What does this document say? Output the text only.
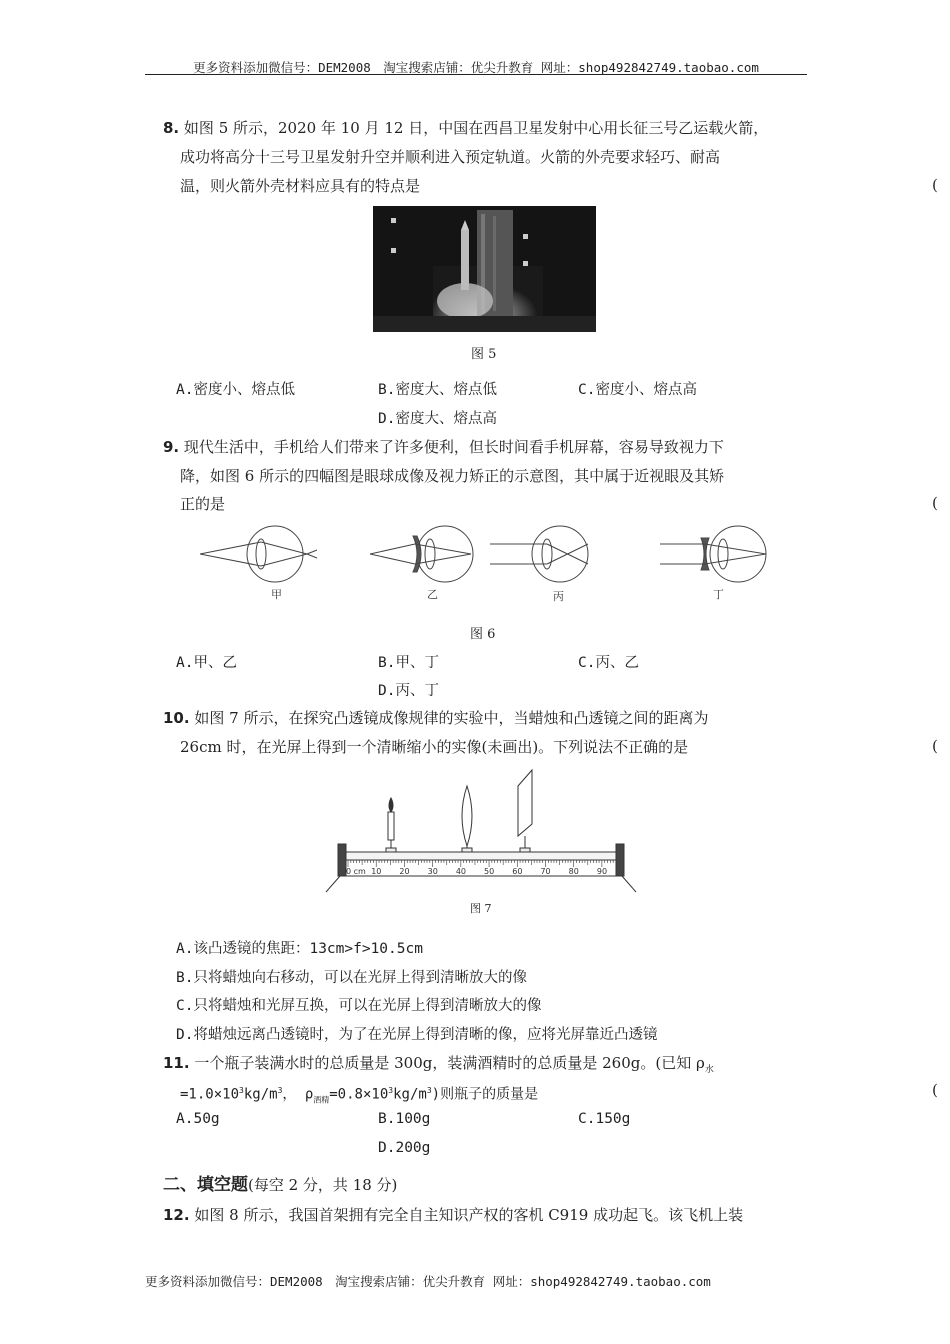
更多资料添加微信号：DEM2008　淘宝搜索店铺：优尖升教育 网址：shop492842749.taobao.com
更多资料添加微信号：DEM2008　淘宝搜索店铺：优尖升教育 网址：shop492842749.taobao.com
8. 如图 5 所示，2020 年 10 月 12 日，中国在西昌卫星发射中心用长征三号乙运载火箭，
成功将高分十三号卫星发射升空并顺利进入预定轨道。火箭的外壳要求轻巧、耐高
温，则火箭外壳材料应具有的特点是	(
图 5
A.密度小、熔点低	B.密度大、熔点低	C.密度小、熔点高
D.密度大、熔点高
9. 现代生活中，手机给人们带来了许多便利，但长时间看手机屏幕，容易导致视力下
降，如图 6 所示的四幅图是眼球成像及视力矫正的示意图，其中属于近视眼及其矫
正的是	(
甲	乙	丙	丁
图 6
A.甲、乙	B.甲、丁	C.丙、乙
D.丙、丁
10. 如图 7 所示，在探究凸透镜成像规律的实验中，当蜡烛和凸透镜之间的距离为
26cm 时，在光屏上得到一个清晰缩小的实像(未画出)。下列说法不正确的是	(
0 cm 10 20 30 40 50 60 70 80 90
图 7
A.该凸透镜的焦距：13cm>f>10.5cm
B.只将蜡烛向右移动，可以在光屏上得到清晰放大的像
C.只将蜡烛和光屏互换，可以在光屏上得到清晰放大的像
D.将蜡烛远离凸透镜时，为了在光屏上得到清晰的像，应将光屏靠近凸透镜
11. 一个瓶子装满水时的总质量是 300g，装满酒精时的总质量是 260g。(已知 $\rho_水$
$=1.0\times 10^3kg/m^3$， $\rho_{酒精}=0.8\times 10^3kg/m^3$)则瓶子的质量是	(
A.50g	B.100g	C.150g
D.200g
二、填空题(每空 2 分，共 18 分)
12. 如图 8 所示，我国首架拥有完全自主知识产权的客机 C919 成功起飞。该飞机上装
